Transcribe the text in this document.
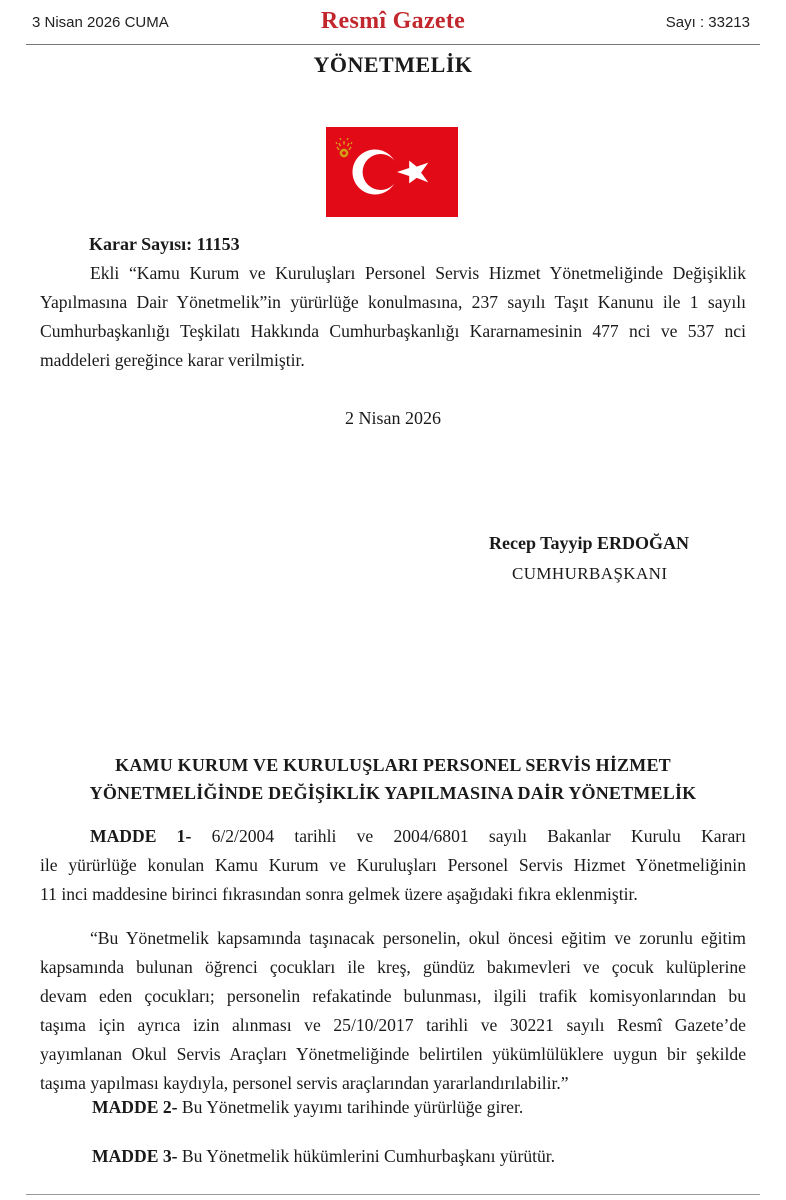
3 Nisan 2026 CUMA	Resmî Gazete	Sayı : 33213
YÖNETMELİK
Karar Sayısı: 11153
Ekli “Kamu Kurum ve Kuruluşları Personel Servis Hizmet Yönetmeliğinde Değişiklik
Yapılmasına Dair Yönetmelik”in yürürlüğe konulmasına, 237 sayılı Taşıt Kanunu ile 1 sayılı
Cumhurbaşkanlığı Teşkilatı Hakkında Cumhurbaşkanlığı Kararnamesinin 477 nci ve 537 nci
maddeleri gereğince karar verilmiştir.
2 Nisan 2026
Recep Tayyip ERDOĞAN
CUMHURBAŞKANI
KAMU KURUM VE KURULUŞLARI PERSONEL SERVİS HİZMET
YÖNETMELİĞİNDE DEĞİŞİKLİK YAPILMASINA DAİR YÖNETMELİK
MADDE 1- 6/2/2004 tarihli ve 2004/6801 sayılı Bakanlar Kurulu Kararı
ile yürürlüğe konulan Kamu Kurum ve Kuruluşları Personel Servis Hizmet Yönetmeliğinin
11 inci maddesine birinci fıkrasından sonra gelmek üzere aşağıdaki fıkra eklenmiştir.
“Bu Yönetmelik kapsamında taşınacak personelin, okul öncesi eğitim ve zorunlu eğitim
kapsamında bulunan öğrenci çocukları ile kreş, gündüz bakımevleri ve çocuk kulüplerine
devam eden çocukları; personelin refakatinde bulunması, ilgili trafik komisyonlarından bu
taşıma için ayrıca izin alınması ve 25/10/2017 tarihli ve 30221 sayılı Resmî Gazete’de
yayımlanan Okul Servis Araçları Yönetmeliğinde belirtilen yükümlülüklere uygun bir şekilde
taşıma yapılması kaydıyla, personel servis araçlarından yararlandırılabilir.”
MADDE 2- Bu Yönetmelik yayımı tarihinde yürürlüğe girer.
MADDE 3- Bu Yönetmelik hükümlerini Cumhurbaşkanı yürütür.
